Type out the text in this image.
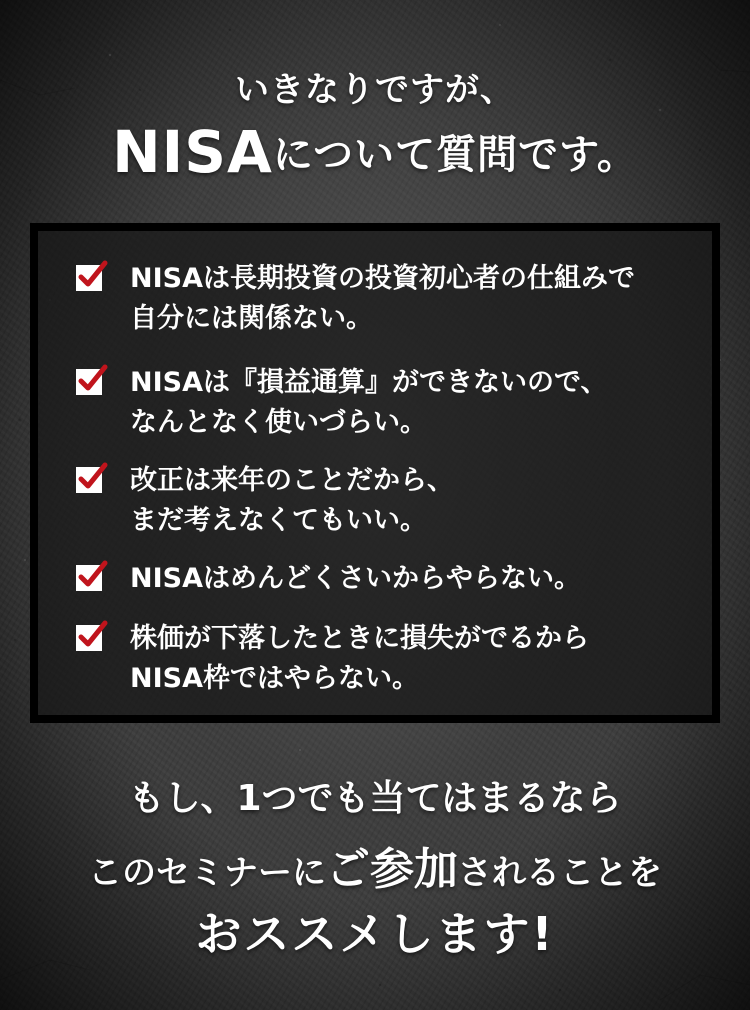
いきなりですが、
NISAについて質問です。
NISAは長期投資の投資初心者の仕組みで
自分には関係ない。
NISAは『損益通算』ができないので、
なんとなく使いづらい。
改正は来年のことだから、
まだ考えなくてもいい。
NISAはめんどくさいからやらない。
株価が下落したときに損失がでるから
NISA枠ではやらない。
もし、1つでも当てはまるなら
このセミナーにご参加されることを
おススメします!
